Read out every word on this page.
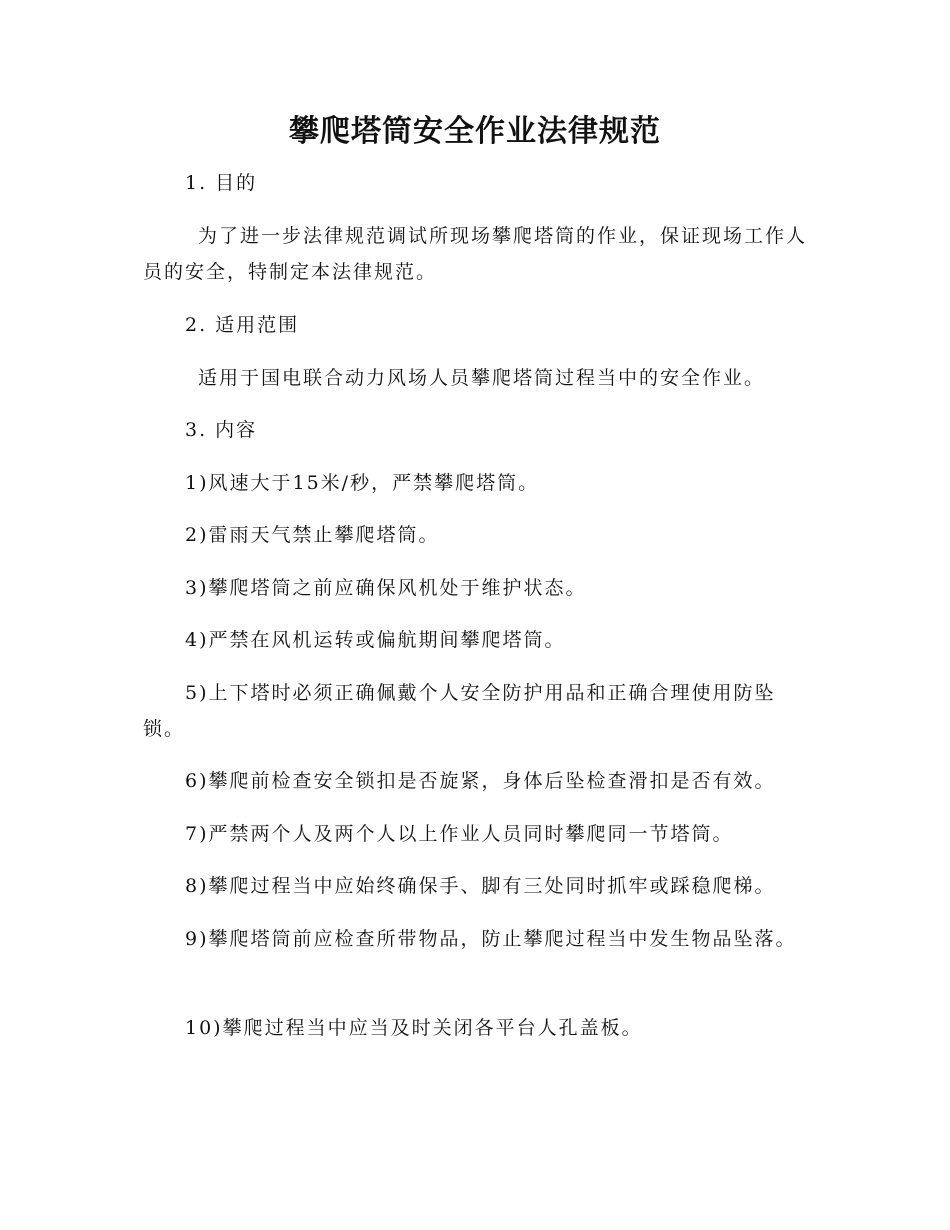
攀爬塔筒安全作业法律规范
1. 目的
为了进一步法律规范调试所现场攀爬塔筒的作业，保证现场工作人员的安全，特制定本法律规范。
2. 适用范围
适用于国电联合动力风场人员攀爬塔筒过程当中的安全作业。
3. 内容
1)风速大于15米/秒，严禁攀爬塔筒。
2)雷雨天气禁止攀爬塔筒。
3)攀爬塔筒之前应确保风机处于维护状态。
4)严禁在风机运转或偏航期间攀爬塔筒。
5)上下塔时必须正确佩戴个人安全防护用品和正确合理使用防坠锁。
6)攀爬前检查安全锁扣是否旋紧，身体后坠检查滑扣是否有效。
7)严禁两个人及两个人以上作业人员同时攀爬同一节塔筒。
8)攀爬过程当中应始终确保手、脚有三处同时抓牢或踩稳爬梯。
9)攀爬塔筒前应检查所带物品，防止攀爬过程当中发生物品坠落。
10)攀爬过程当中应当及时关闭各平台人孔盖板。
